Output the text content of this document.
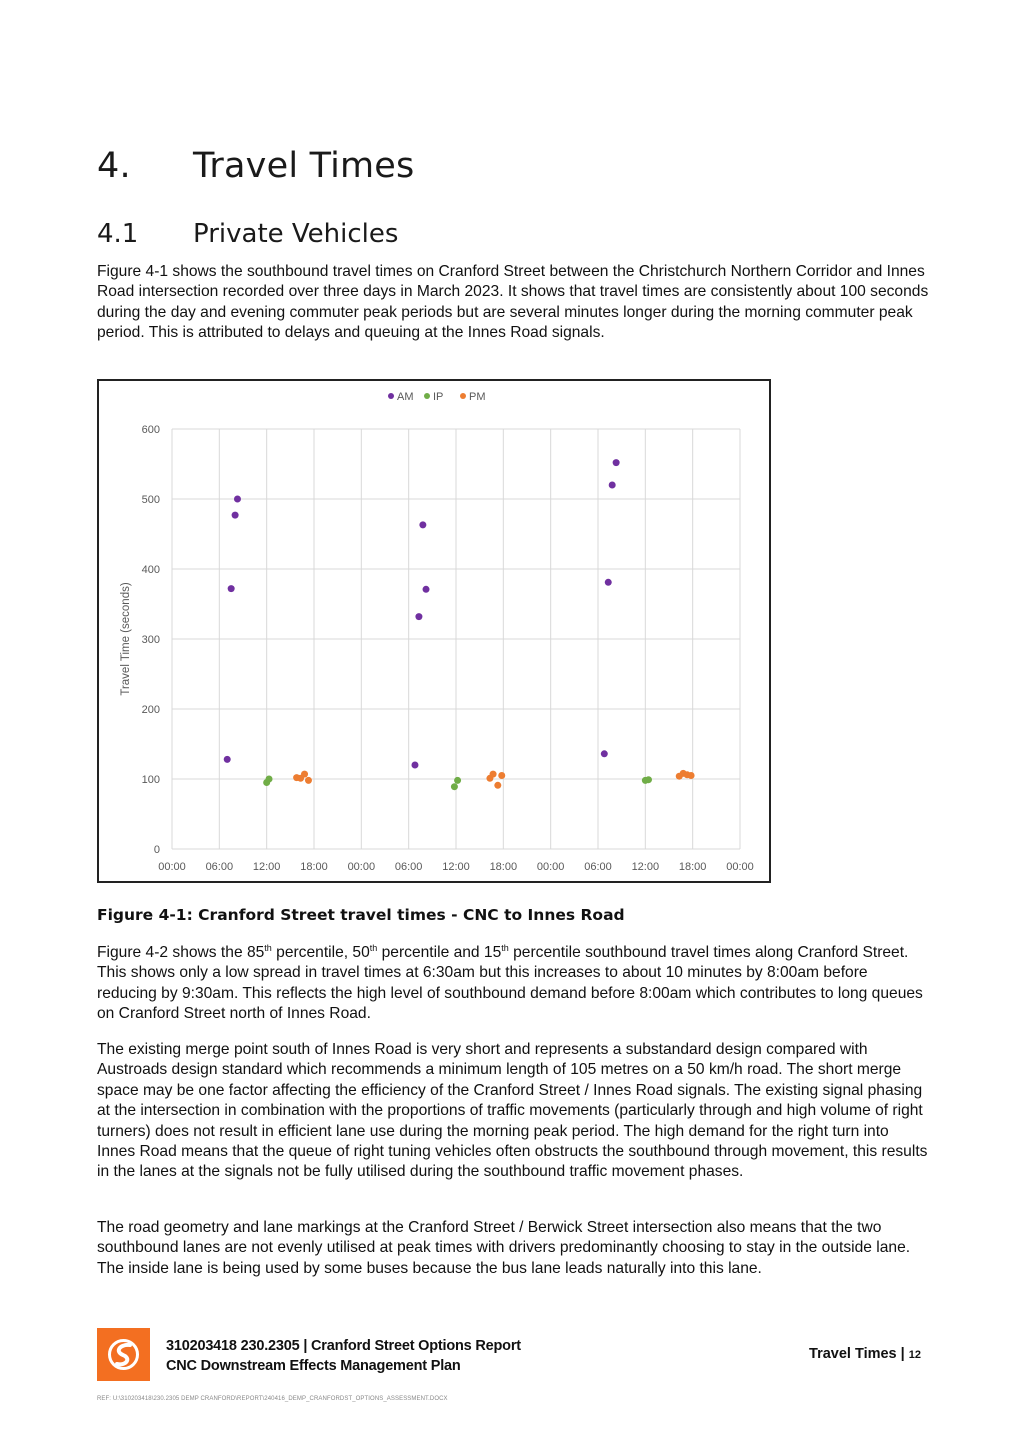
4. Travel Times
4.1 Private Vehicles

Figure 4-1 shows the southbound travel times on Cranford Street between the Christchurch Northern Corridor and Innes Road intersection recorded over three days in March 2023. It shows that travel times are consistently about 100 seconds during the day and evening commuter peak periods but are several minutes longer during the morning commuter peak period. This is attributed to delays and queuing at the Innes Road signals.

0
100
200
300
400
500
600
00:00 06:00 12:00 18:00 00:00 06:00 12:00 18:00 00:00 06:00 12:00 18:00 00:00
Travel Time (seconds)
AM IP PM

Figure 4-1: Cranford Street travel times - CNC to Innes Road

Figure 4-2 shows the 85th percentile, 50th percentile and 15th percentile southbound travel times along Cranford Street. This shows only a low spread in travel times at 6:30am but this increases to about 10 minutes by 8:00am before reducing by 9:30am. This reflects the high level of southbound demand before 8:00am which contributes to long queues on Cranford Street north of Innes Road.

The existing merge point south of Innes Road is very short and represents a substandard design compared with Austroads design standard which recommends a minimum length of 105 metres on a 50 km/h road. The short merge space may be one factor affecting the efficiency of the Cranford Street / Innes Road signals. The existing signal phasing at the intersection in combination with the proportions of traffic movements (particularly through and high volume of right turners) does not result in efficient lane use during the morning peak period. The high demand for the right turn into Innes Road means that the queue of right tuning vehicles often obstructs the southbound through movement, this results in the lanes at the signals not be fully utilised during the southbound traffic movement phases.

The road geometry and lane markings at the Cranford Street / Berwick Street intersection also means that the two southbound lanes are not evenly utilised at peak times with drivers predominantly choosing to stay in the outside lane. The inside lane is being used by some buses because the bus lane leads naturally into this lane.

310203418 230.2305 | Cranford Street Options Report
CNC Downstream Effects Management Plan
Travel Times | 12
REF: U:\310203418\230.2305 DEMP CRANFORD\REPORT\240416_DEMP_CRANFORDST_OPTIONS_ASSESSMENT.DOCX
